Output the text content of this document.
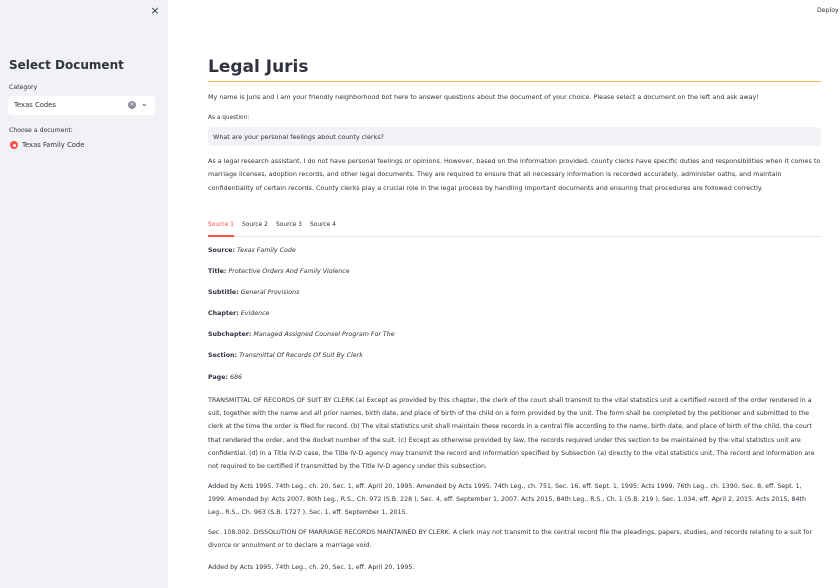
×
Select Document
Category
Texas Codes	× ⌄
Choose a document:
Texas Family Code
Deploy
Legal Juris
My name is Juris and I am your friendly neighborhood bot here to answer questions about the document of your choice. Please select a document on the left and ask away!
As a question:
What are your personal feelings about county clerks?
As a legal research assistant, I do not have personal feelings or opinions. However, based on the information provided, county clerks have specific duties and responsibilities when it comes to marriage licenses, adoption records, and other legal documents. They are required to ensure that all necessary information is recorded accurately, administer oaths, and maintain confidentiality of certain records. County clerks play a crucial role in the legal process by handling important documents and ensuring that procedures are followed correctly.
Source 1 Source 2 Source 3 Source 4
Source: Texas Family Code
Title: Protective Orders And Family Violence
Subtitle: General Provisions
Chapter: Evidence
Subchapter: Managed Assigned Counsel Program For The
Section: Transmittal Of Records Of Suit By Clerk
Page: 686
TRANSMITTAL OF RECORDS OF SUIT BY CLERK (a) Except as provided by this chapter, the clerk of the court shall transmit to the vital statistics unit a certified record of the order rendered in a suit, together with the name and all prior names, birth date, and place of birth of the child on a form provided by the unit. The form shall be completed by the petitioner and submitted to the clerk at the time the order is filed for record. (b) The vital statistics unit shall maintain these records in a central file according to the name, birth date, and place of birth of the child, the court that rendered the order, and the docket number of the suit. (c) Except as otherwise provided by law, the records required under this section to be maintained by the vital statistics unit are confidential. (d) In a Title IV-D case, the Title IV-D agency may transmit the record and information specified by Subsection (a) directly to the vital statistics unit. The record and information are not required to be certified if transmitted by the Title IV-D agency under this subsection.
Added by Acts 1995, 74th Leg., ch. 20, Sec. 1, eff. April 20, 1995. Amended by Acts 1995, 74th Leg., ch. 751, Sec. 16, eff. Sept. 1, 1995; Acts 1999, 76th Leg., ch. 1390, Sec. 8, eff. Sept. 1, 1999. Amended by: Acts 2007, 80th Leg., R.S., Ch. 972 (S.B. 228 ), Sec. 4, eff. September 1, 2007. Acts 2015, 84th Leg., R.S., Ch. 1 (S.B. 219 ), Sec. 1.034, eff. April 2, 2015. Acts 2015, 84th Leg., R.S., Ch. 963 (S.B. 1727 ), Sec. 1, eff. September 1, 2015.
Sec. 108.002. DISSOLUTION OF MARRIAGE RECORDS MAINTAINED BY CLERK. A clerk may not transmit to the central record file the pleadings, papers, studies, and records relating to a suit for divorce or annulment or to declare a marriage void.
Added by Acts 1995, 74th Leg., ch. 20, Sec. 1, eff. April 20, 1995.
